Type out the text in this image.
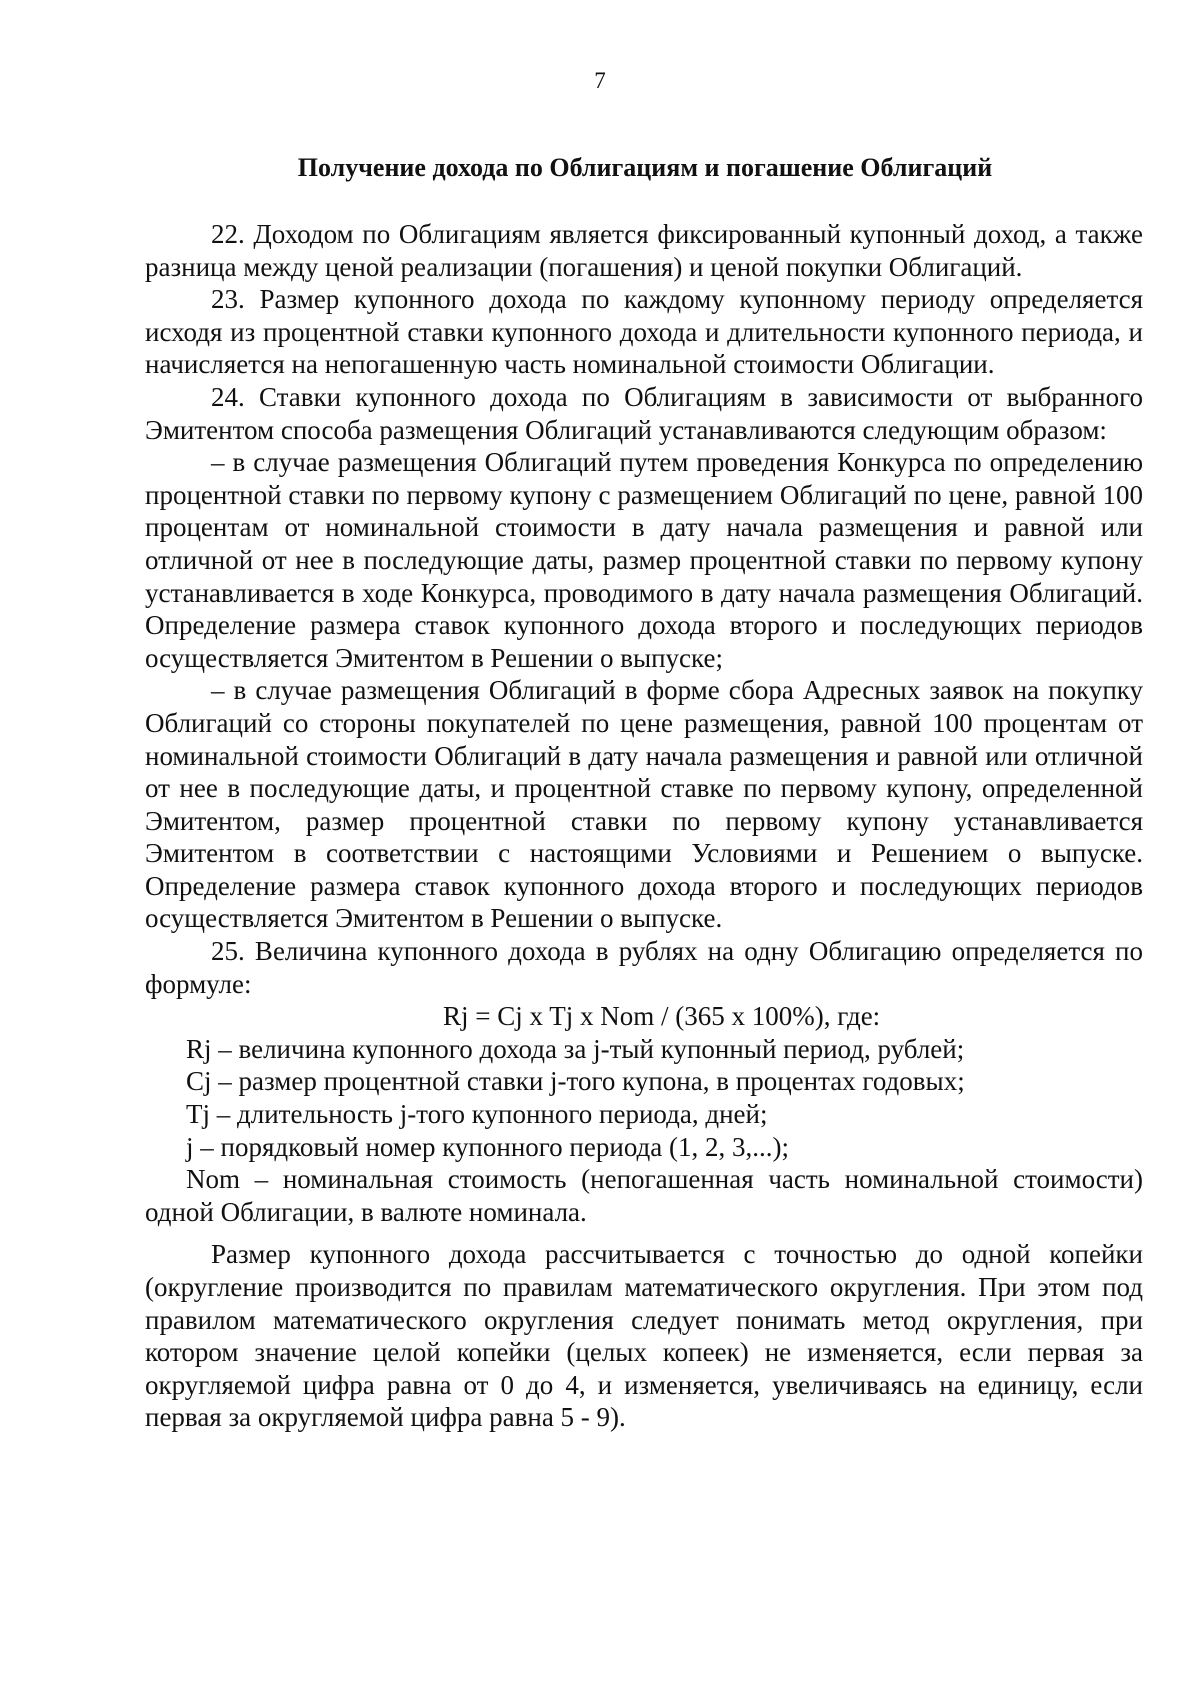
7
Получение дохода по Облигациям и погашение Облигаций

22. Доходом по Облигациям является фиксированный купонный доход, а также разница между ценой реализации (погашения) и ценой покупки Облигаций.

23. Размер купонного дохода по каждому купонному периоду определяется исходя из процентной ставки купонного дохода и длительности купонного периода, и начисляется на непогашенную часть номинальной стоимости Облигации.

24. Ставки купонного дохода по Облигациям в зависимости от выбранного Эмитентом способа размещения Облигаций устанавливаются следующим образом:

– в случае размещения Облигаций путем проведения Конкурса по определению процентной ставки по первому купону с размещением Облигаций по цене, равной 100 процентам от номинальной стоимости в дату начала размещения и равной или отличной от нее в последующие даты, размер процентной ставки по первому купону устанавливается в ходе Конкурса, проводимого в дату начала размещения Облигаций. Определение размера ставок купонного дохода второго и последующих периодов осуществляется Эмитентом в Решении о выпуске;

– в случае размещения Облигаций в форме сбора Адресных заявок на покупку Облигаций со стороны покупателей по цене размещения, равной 100 процентам от номинальной стоимости Облигаций в дату начала размещения и равной или отличной от нее в последующие даты, и процентной ставке по первому купону, определенной Эмитентом, размер процентной ставки по первому купону устанавливается Эмитентом в соответствии с настоящими Условиями и Решением о выпуске. Определение размера ставок купонного дохода второго и последующих периодов осуществляется Эмитентом в Решении о выпуске.

25. Величина купонного дохода в рублях на одну Облигацию определяется по формуле:

Rj = Cj x Tj x Nom / (365 x 100%), где:

Rj – величина купонного дохода за j-тый купонный период, рублей;

Cj – размер процентной ставки j-того купона, в процентах годовых;

Tj – длительность j-того купонного периода, дней;

j – порядковый номер купонного периода (1, 2, 3,...);

Nom – номинальная стоимость (непогашенная часть номинальной стоимости) одной Облигации, в валюте номинала.

Размер купонного дохода рассчитывается с точностью до одной копейки (округление производится по правилам математического округления. При этом под правилом математического округления следует понимать метод округления, при котором значение целой копейки (целых копеек) не изменяется, если первая за округляемой цифра равна от 0 до 4, и изменяется, увеличиваясь на единицу, если первая за округляемой цифра равна 5 - 9).
